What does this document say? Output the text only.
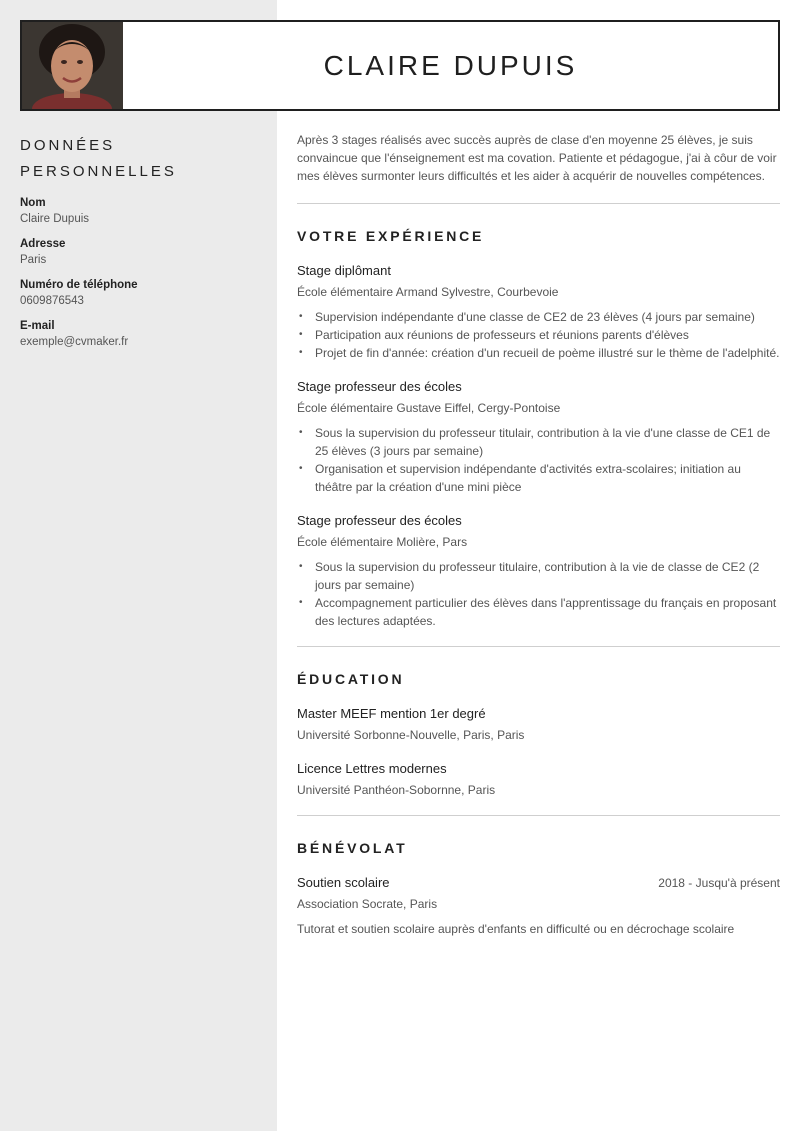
CLAIRE DUPUIS
DONNÉES PERSONNELLES
Nom
Claire Dupuis
Adresse
Paris
Numéro de téléphone
0609876543
E-mail
exemple@cvmaker.fr

Après 3 stages réalisés avec succès auprès de clase d'en moyenne 25 élèves, je suis convaincue que l'énseignement est ma covation. Patiente et pédagogue, j'ai à côur de voir mes élèves surmonter leurs difficultés et les aider à acquérir de nouvelles compétences.

VOTRE EXPÉRIENCE
Stage diplômant
École élémentaire Armand Sylvestre, Courbevoie
• Supervision indépendante d'une classe de CE2 de 23 élèves (4 jours par semaine)
• Participation aux réunions de professeurs et réunions parents d'élèves
• Projet de fin d'année: création d'un recueil de poème illustré sur le thème de l'adelphité.
Stage professeur des écoles
École élémentaire Gustave Eiffel, Cergy-Pontoise
• Sous la supervision du professeur titulair, contribution à la vie d'une classe de CE1 de 25 élèves (3 jours par semaine)
• Organisation et supervision indépendante d'activités extra-scolaires; initiation au théâtre par la création d'une mini pièce
Stage professeur des écoles
École élémentaire Molière, Pars
• Sous la supervision du professeur titulaire, contribution à la vie de classe de CE2 (2 jours par semaine)
• Accompagnement particulier des élèves dans l'apprentissage du français en proposant des lectures adaptées.
ÉDUCATION
Master MEEF mention 1er degré
Université Sorbonne-Nouvelle, Paris, Paris
Licence Lettres modernes
Université Panthéon-Sobornne, Paris
BÉNÉVOLAT
Soutien scolaire	2018 - Jusqu'à présent
Association Socrate, Paris
Tutorat et soutien scolaire auprès d'enfants en difficulté ou en décrochage scolaire
